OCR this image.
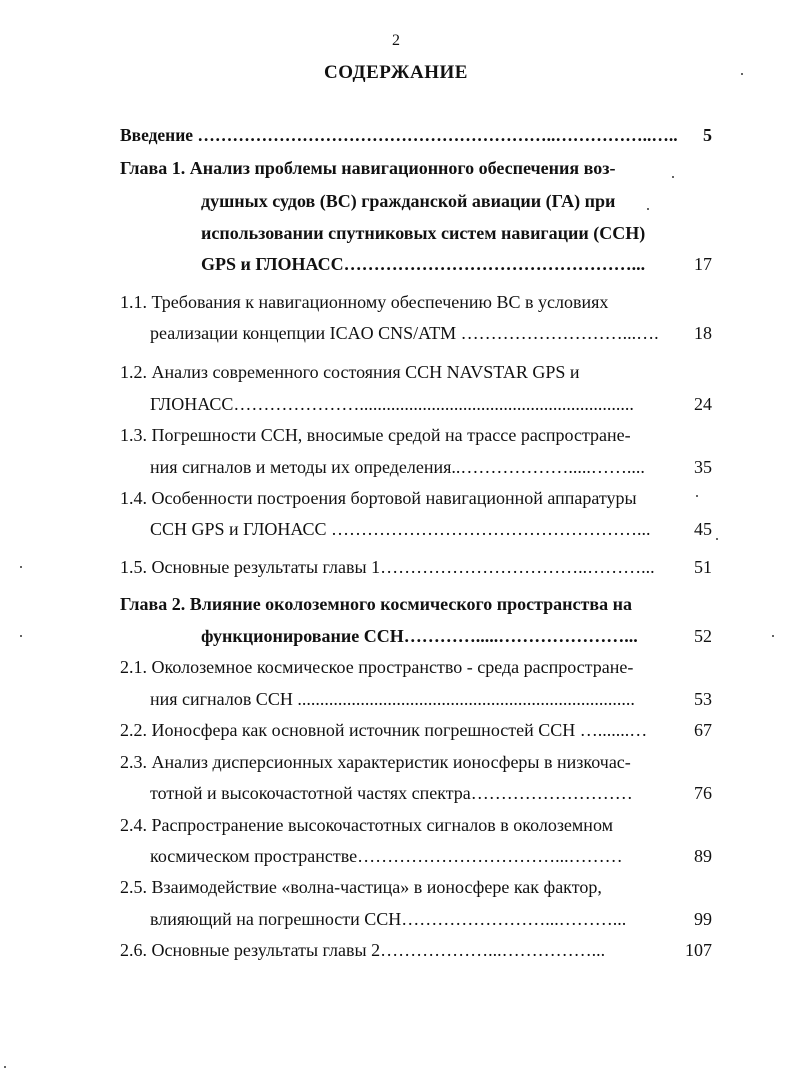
2
СОДЕРЖАНИЕ
Введение ……………………………………………………..……………..….. 5
Глава 1. Анализ проблемы навигационного обеспечения воз-
душных судов (ВС) гражданской авиации (ГА) при
использовании спутниковых систем навигации (ССН)
GPS и ГЛОНАСС…………………………………………...	17
1.1. Требования к навигационному обеспечению ВС в условиях
реализации концепции ICAO CNS/ATM ………………………...…. 18
1.2. Анализ современного состояния ССН NAVSTAR GPS и
ГЛОНАСС………………….............................................................	24
1.3. Погрешности ССН, вносимые средой на трассе распростране-
ния сигналов и методы их определения..……………….....……....	35
1.4. Особенности построения бортовой навигационной аппаратуры
ССН GPS и ГЛОНАСС ……………………………………………... 45
1.5. Основные результаты главы 1……………………………..………... 51
Глава 2. Влияние околоземного космического пространства на
функционирование ССН………….....…………………...	52
2.1. Околоземное космическое пространство - среда распростране-
ния сигналов ССН ...........................................................................	53
2.2. Ионосфера как основной источник погрешностей ССН ….......…	67
2.3. Анализ дисперсионных характеристик ионосферы в низкочас-
тотной и высокочастотной частях спектра………………………	76
2.4. Распространение высокочастотных сигналов в околоземном
космическом пространстве……………………………...………	89
2.5. Взаимодействие «волна-частица» в ионосфере как фактор,
влияющий на погрешности ССН……………………...………...	99
2.6. Основные результаты главы 2………………...……………...	107
